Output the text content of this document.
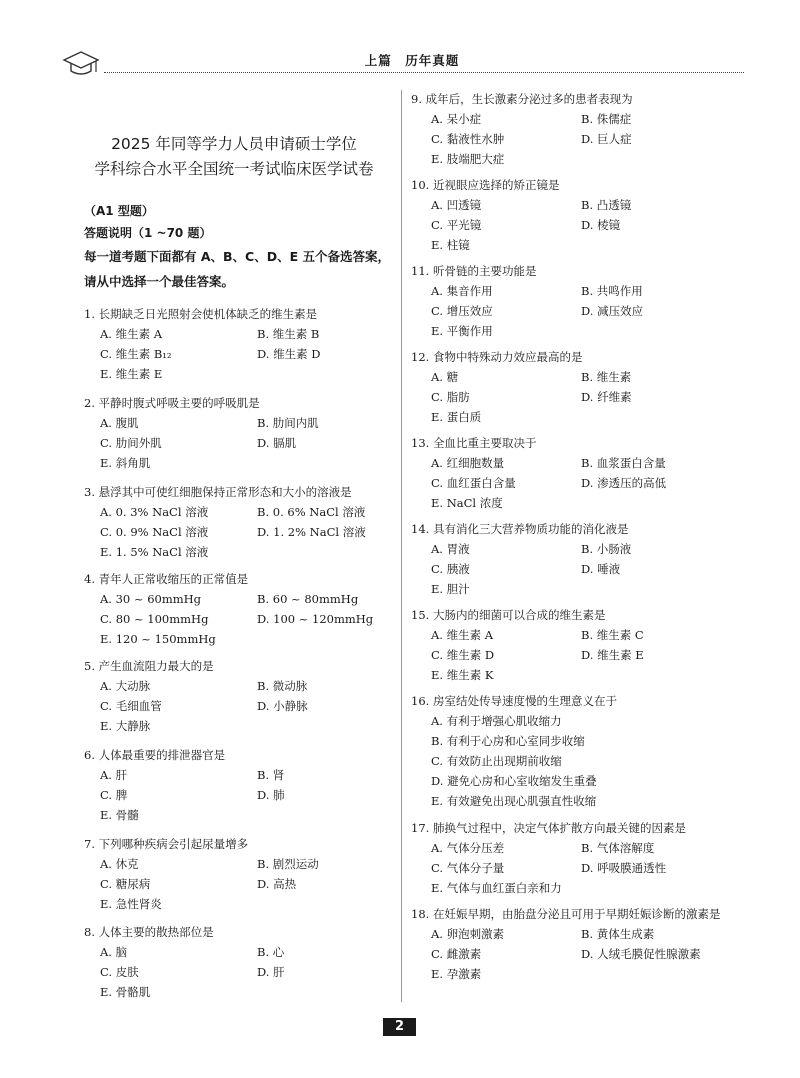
上篇　历年真题
2025 年同等学力人员申请硕士学位
学科综合水平全国统一考试临床医学试卷
（A1 型题）
答题说明（1 ~70 题）
每一道考题下面都有 A、B、C、D、E 五个备选答案，请从中选择一个最佳答案。
1. 长期缺乏日光照射会使机体缺乏的维生素是
A. 维生素 A	B. 维生素 B
C. 维生素 B₁₂	D. 维生素 D
E. 维生素 E
2. 平静时腹式呼吸主要的呼吸肌是
A. 腹肌	B. 肋间内肌
C. 肋间外肌	D. 膈肌
E. 斜角肌
3. 悬浮其中可使红细胞保持正常形态和大小的溶液是
A. 0. 3% NaCl 溶液	B. 0. 6% NaCl 溶液
C. 0. 9% NaCl 溶液	D. 1. 2% NaCl 溶液
E. 1. 5% NaCl 溶液
4. 青年人正常收缩压的正常值是
A. 30 ~ 60mmHg	B. 60 ~ 80mmHg
C. 80 ~ 100mmHg	D. 100 ~ 120mmHg
E. 120 ~ 150mmHg
5. 产生血流阻力最大的是
A. 大动脉	B. 微动脉
C. 毛细血管	D. 小静脉
E. 大静脉
6. 人体最重要的排泄器官是
A. 肝	B. 肾
C. 脾	D. 肺
E. 骨髓
7. 下列哪种疾病会引起尿量增多
A. 休克	B. 剧烈运动
C. 糖尿病	D. 高热
E. 急性肾炎
8. 人体主要的散热部位是
A. 脑	B. 心
C. 皮肤	D. 肝
E. 骨骼肌
9. 成年后，生长激素分泌过多的患者表现为
A. 呆小症	B. 侏儒症
C. 黏液性水肿	D. 巨人症
E. 肢端肥大症
10. 近视眼应选择的矫正镜是
A. 凹透镜	B. 凸透镜
C. 平光镜	D. 棱镜
E. 柱镜
11. 听骨链的主要功能是
A. 集音作用	B. 共鸣作用
C. 增压效应	D. 减压效应
E. 平衡作用
12. 食物中特殊动力效应最高的是
A. 糖	B. 维生素
C. 脂肪	D. 纤维素
E. 蛋白质
13. 全血比重主要取决于
A. 红细胞数量	B. 血浆蛋白含量
C. 血红蛋白含量	D. 渗透压的高低
E. NaCl 浓度
14. 具有消化三大营养物质功能的消化液是
A. 胃液	B. 小肠液
C. 胰液	D. 唾液
E. 胆汁
15. 大肠内的细菌可以合成的维生素是
A. 维生素 A	B. 维生素 C
C. 维生素 D	D. 维生素 E
E. 维生素 K
16. 房室结处传导速度慢的生理意义在于
A. 有利于增强心肌收缩力
B. 有利于心房和心室同步收缩
C. 有效防止出现期前收缩
D. 避免心房和心室收缩发生重叠
E. 有效避免出现心肌强直性收缩
17. 肺换气过程中，决定气体扩散方向最关键的因素是
A. 气体分压差	B. 气体溶解度
C. 气体分子量	D. 呼吸膜通透性
E. 气体与血红蛋白亲和力
18. 在妊娠早期，由胎盘分泌且可用于早期妊娠诊断的激素是
A. 卵泡刺激素	B. 黄体生成素
C. 雌激素	D. 人绒毛膜促性腺激素
E. 孕激素
2
